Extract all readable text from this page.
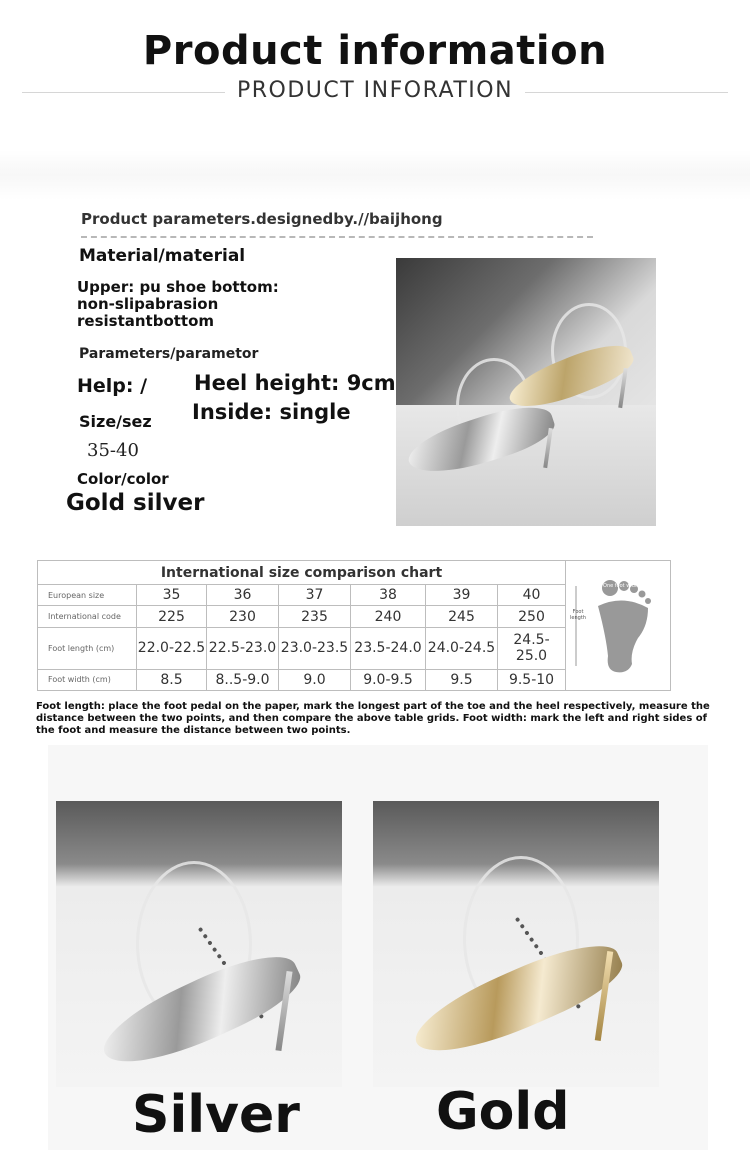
Product information
PRODUCT INFORATION
Product parameters.designedby.//baijhong
Material/material
Upper: pu shoe bottom:
non-slipabrasion
resistantbottom
Parameters/parametor
Help: / Heel height: 9cm
Inside: single
Size/sez
35-40
Color/color
Gold silver
International size comparison chart							One foot width
Foot length

European size	35	36	37	38	39	40	
International code	225	230	235	240	245	250	
Foot length (cm)	22.0-22.5	22.5-23.0	23.0-23.5	23.5-24.0	24.0-24.5	24.5-25.0	
Foot width (cm)	8.5	8..5-9.0	9.0	9.0-9.5	9.5	9.5-10	
Foot length: place the foot pedal on the paper, mark the longest part of the toe and the heel respectively, measure the distance between the two points, and then compare the above table grids. Foot width: mark the left and right sides of the foot and measure the distance between two points.
Silver	Gold
